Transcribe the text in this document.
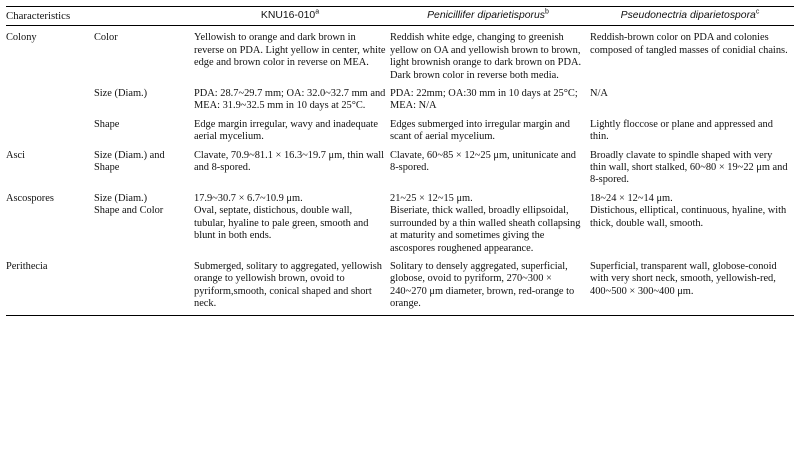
Characteristics		KNU16-010$^a$	Penicillifer diparietisporus$^b$	Pseudonectria diparietospora$^c$
Colony	Color	Yellowish to orange and dark brown in reverse on PDA. Light yellow in center, white edge and brown color in reverse on MEA.	Reddish white edge, changing to greenish yellow on OA and yellowish brown to brown, light brownish orange to dark brown on PDA. Dark brown color in reverse both media.	Reddish-brown color on PDA and colonies composed of tangled masses of conidial chains.
	Size (Diam.)	PDA: 28.7~29.7 mm; OA: 32.0~32.7 mm and MEA: 31.9~32.5 mm in 10 days at 25°C.	PDA: 22mm; OA:30 mm in 10 days at 25°C; MEA: N/A	N/A
	Shape	Edge margin irregular, wavy and inadequate aerial mycelium.	Edges submerged into irregular margin and scant of aerial mycelium.	Lightly floccose or plane and appressed and thin.
Asci	Size (Diam.) and Shape	Clavate, 70.9~81.1 × 16.3~19.7 μm, thin wall and 8-spored.	Clavate, 60~85 × 12~25 μm, unitunicate and 8-spored.	Broadly clavate to spindle shaped with very thin wall, short stalked, 60~80 × 19~22 μm and 8-spored.
Ascospores	Size (Diam.)	17.9~30.7 × 6.7~10.9 μm.	21~25 × 12~15 μm.	18~24 × 12~14 μm.
	Shape and Color	Oval, septate, distichous, double wall, tubular, hyaline to pale green, smooth and blunt in both ends.	Biseriate, thick walled, broadly ellipsoidal, surrounded by a thin walled sheath collapsing at maturity and sometimes giving the ascospores roughened appearance.	Distichous, elliptical, continuous, hyaline, with thick, double wall, smooth.
Perithecia		Submerged, solitary to aggregated, yellowish orange to yellowish brown, ovoid to pyriform,smooth, conical shaped and short neck.	Solitary to densely aggregated, superficial, globose, ovoid to pyriform, 270~300 × 240~270 μm diameter, brown, red-orange to orange.	Superficial, transparent wall, globose-conoid with very short neck, smooth, yellowish-red, 400~500 × 300~400 μm.
